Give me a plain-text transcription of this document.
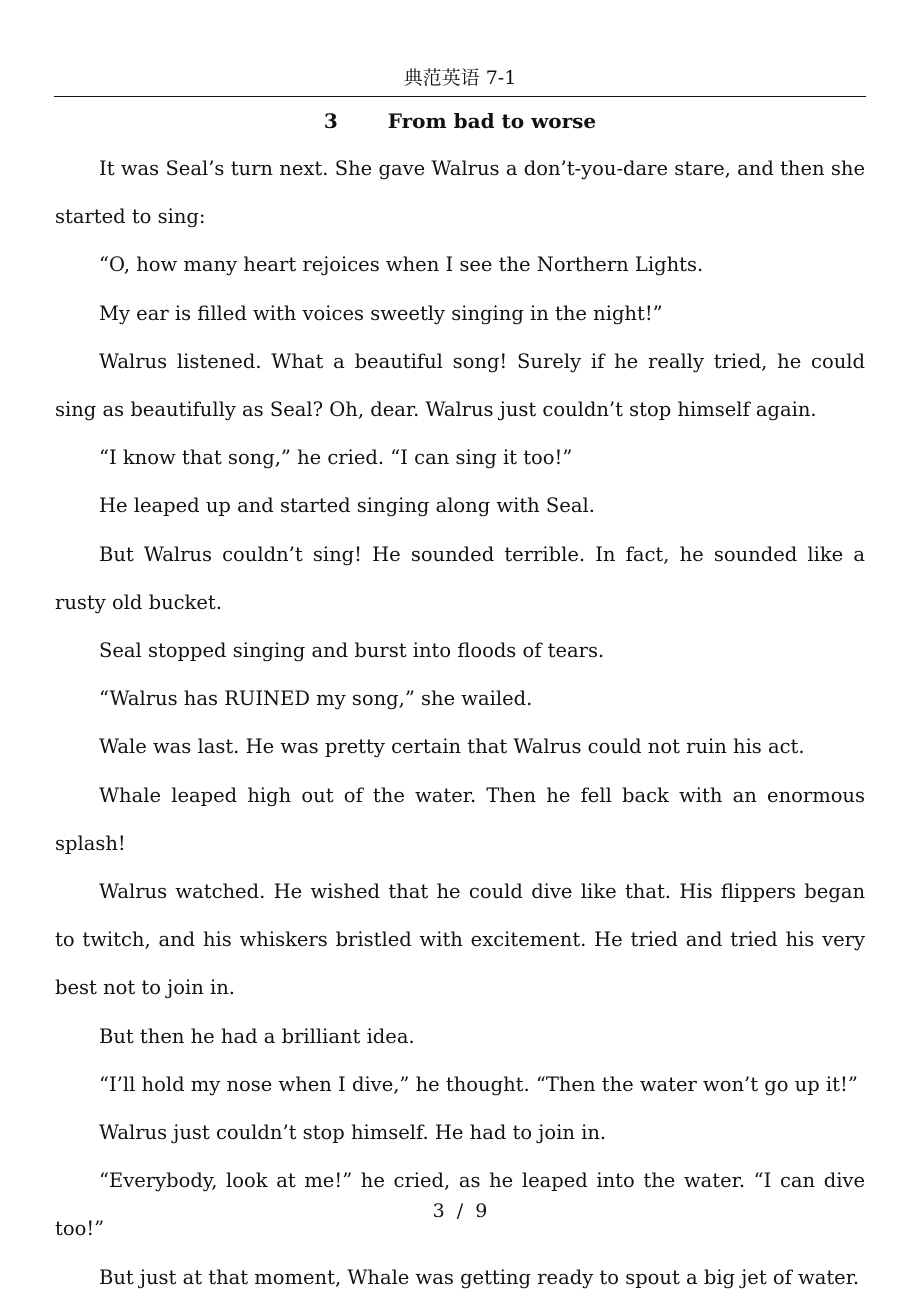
典范英语 7-1
3	From bad to worse

It was Seal’s turn next. She gave Walrus a don’t-you-dare stare, and then she started to sing:

“O, how many heart rejoices when I see the Northern Lights.

My ear is filled with voices sweetly singing in the night!”

Walrus listened. What a beautiful song! Surely if he really tried, he could sing as beautifully as Seal? Oh, dear. Walrus just couldn’t stop himself again.

“I know that song,” he cried. “I can sing it too!”

He leaped up and started singing along with Seal.

But Walrus couldn’t sing! He sounded terrible. In fact, he sounded like a rusty old bucket.

Seal stopped singing and burst into floods of tears.

“Walrus has RUINED my song,” she wailed.

Wale was last. He was pretty certain that Walrus could not ruin his act.

Whale leaped high out of the water. Then he fell back with an enormous splash!

Walrus watched. He wished that he could dive like that. His flippers began to twitch, and his whiskers bristled with excitement. He tried and tried his very best not to join in.

But then he had a brilliant idea.

“I’ll hold my nose when I dive,” he thought. “Then the water won’t go up it!”

Walrus just couldn’t stop himself. He had to join in.

“Everybody, look at me!” he cried, as he leaped into the water. “I can dive too!”

But just at that moment, Whale was getting ready to spout a big jet of water.

3 / 9
